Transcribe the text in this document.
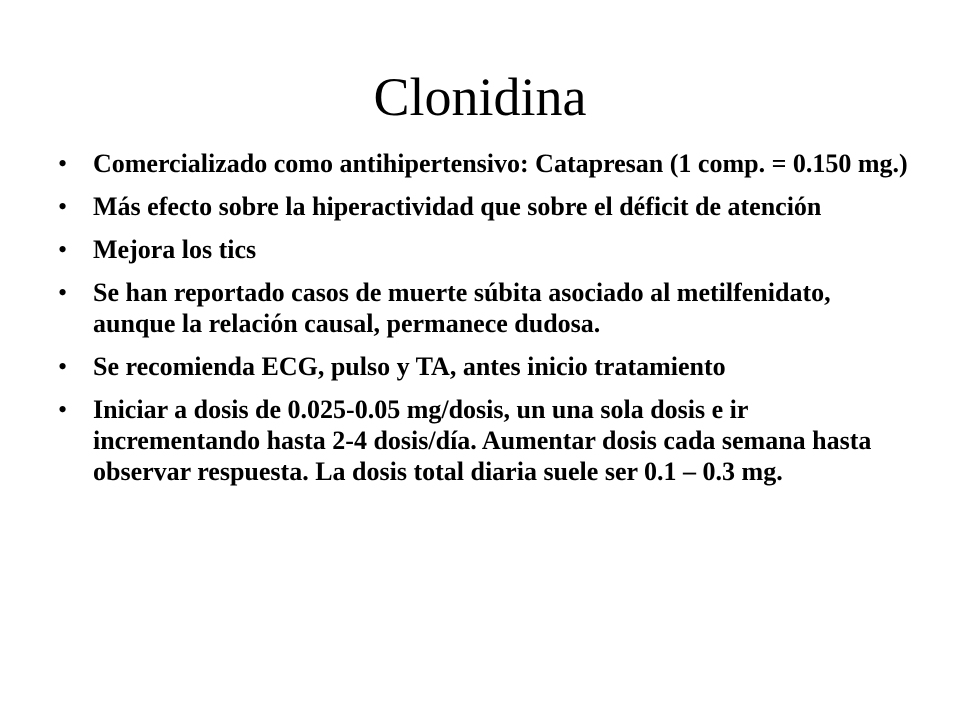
Clonidina
• Comercializado como antihipertensivo: Catapresan (1 comp. = 0.150 mg.)
• Más efecto sobre la hiperactividad que sobre el déficit de atención
• Mejora los tics
• Se han reportado casos de muerte súbita asociado al metilfenidato, aunque la relación causal, permanece dudosa.
• Se recomienda ECG, pulso y TA, antes inicio tratamiento
• Iniciar a dosis de 0.025-0.05 mg/dosis, un una sola dosis e ir incrementando hasta 2-4 dosis/día. Aumentar dosis cada semana hasta observar respuesta. La dosis total diaria suele ser 0.1 – 0.3 mg.
